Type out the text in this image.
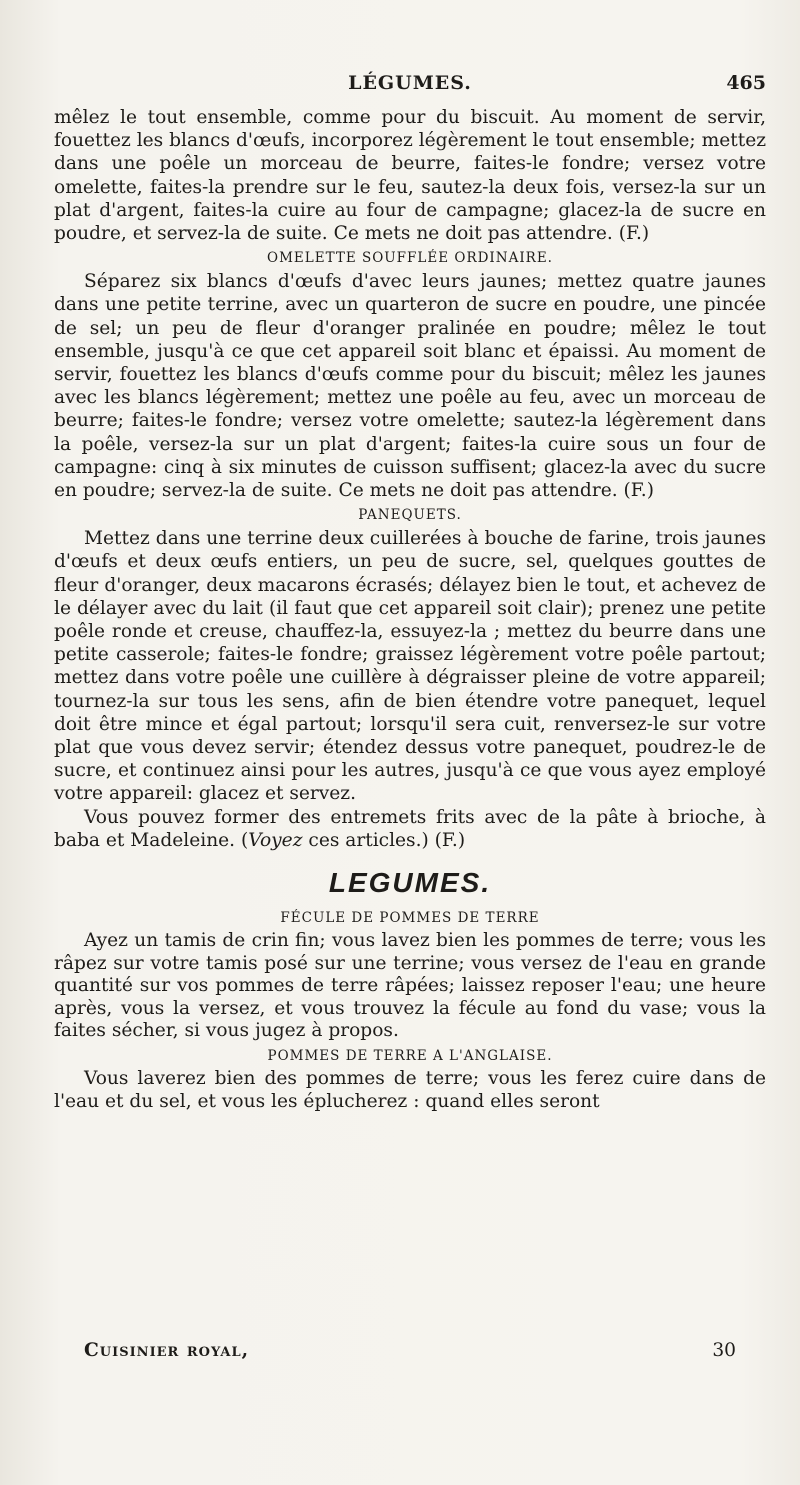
LÉGUMES.	465

mêlez le tout ensemble, comme pour du biscuit. Au moment de servir, fouettez les blancs d'œufs, incorporez légèrement le tout ensemble; mettez dans une poêle un morceau de beurre, faites-le fondre; versez votre omelette, faites-la prendre sur le feu, sautez-la deux fois, versez-la sur un plat d'argent, faites-la cuire au four de campagne; glacez-la de sucre en poudre, et servez-la de suite. Ce mets ne doit pas attendre. (F.)

OMELETTE SOUFFLÉE ORDINAIRE.

Séparez six blancs d'œufs d'avec leurs jaunes; mettez quatre jaunes dans une petite terrine, avec un quarteron de sucre en poudre, une pincée de sel; un peu de fleur d'oranger pralinée en poudre; mêlez le tout ensemble, jusqu'à ce que cet appareil soit blanc et épaissi. Au moment de servir, fouettez les blancs d'œufs comme pour du biscuit; mêlez les jaunes avec les blancs légèrement; mettez une poêle au feu, avec un morceau de beurre; faites-le fondre; versez votre omelette; sautez-la légèrement dans la poêle, versez-la sur un plat d'argent; faites-la cuire sous un four de campagne: cinq à six minutes de cuisson suffisent; glacez-la avec du sucre en poudre; servez-la de suite. Ce mets ne doit pas attendre. (F.)

PANEQUETS.

Mettez dans une terrine deux cuillerées à bouche de farine, trois jaunes d'œufs et deux œufs entiers, un peu de sucre, sel, quelques gouttes de fleur d'oranger, deux macarons écrasés; délayez bien le tout, et achevez de le délayer avec du lait (il faut que cet appareil soit clair); prenez une petite poêle ronde et creuse, chauffez-la, essuyez-la ; mettez du beurre dans une petite casserole; faites-le fondre; graissez légèrement votre poêle partout; mettez dans votre poêle une cuillère à dégraisser pleine de votre appareil; tournez-la sur tous les sens, afin de bien étendre votre panequet, lequel doit être mince et égal partout; lorsqu'il sera cuit, renversez-le sur votre plat que vous devez servir; étendez dessus votre panequet, poudrez-le de sucre, et continuez ainsi pour les autres, jusqu'à ce que vous ayez employé votre appareil: glacez et servez.

Vous pouvez former des entremets frits avec de la pâte à brioche, à baba et Madeleine. (Voyez ces articles.) (F.)

LEGUMES.
FÉCULE DE POMMES DE TERRE

Ayez un tamis de crin fin; vous lavez bien les pommes de terre; vous les râpez sur votre tamis posé sur une terrine; vous versez de l'eau en grande quantité sur vos pommes de terre râpées; laissez reposer l'eau; une heure après, vous la versez, et vous trouvez la fécule au fond du vase; vous la faites sécher, si vous jugez à propos.

POMMES DE TERRE A L'ANGLAISE.

Vous laverez bien des pommes de terre; vous les ferez cuire dans de l'eau et du sel, et vous les éplucherez : quand elles seront

Cuisinier royal,	30
